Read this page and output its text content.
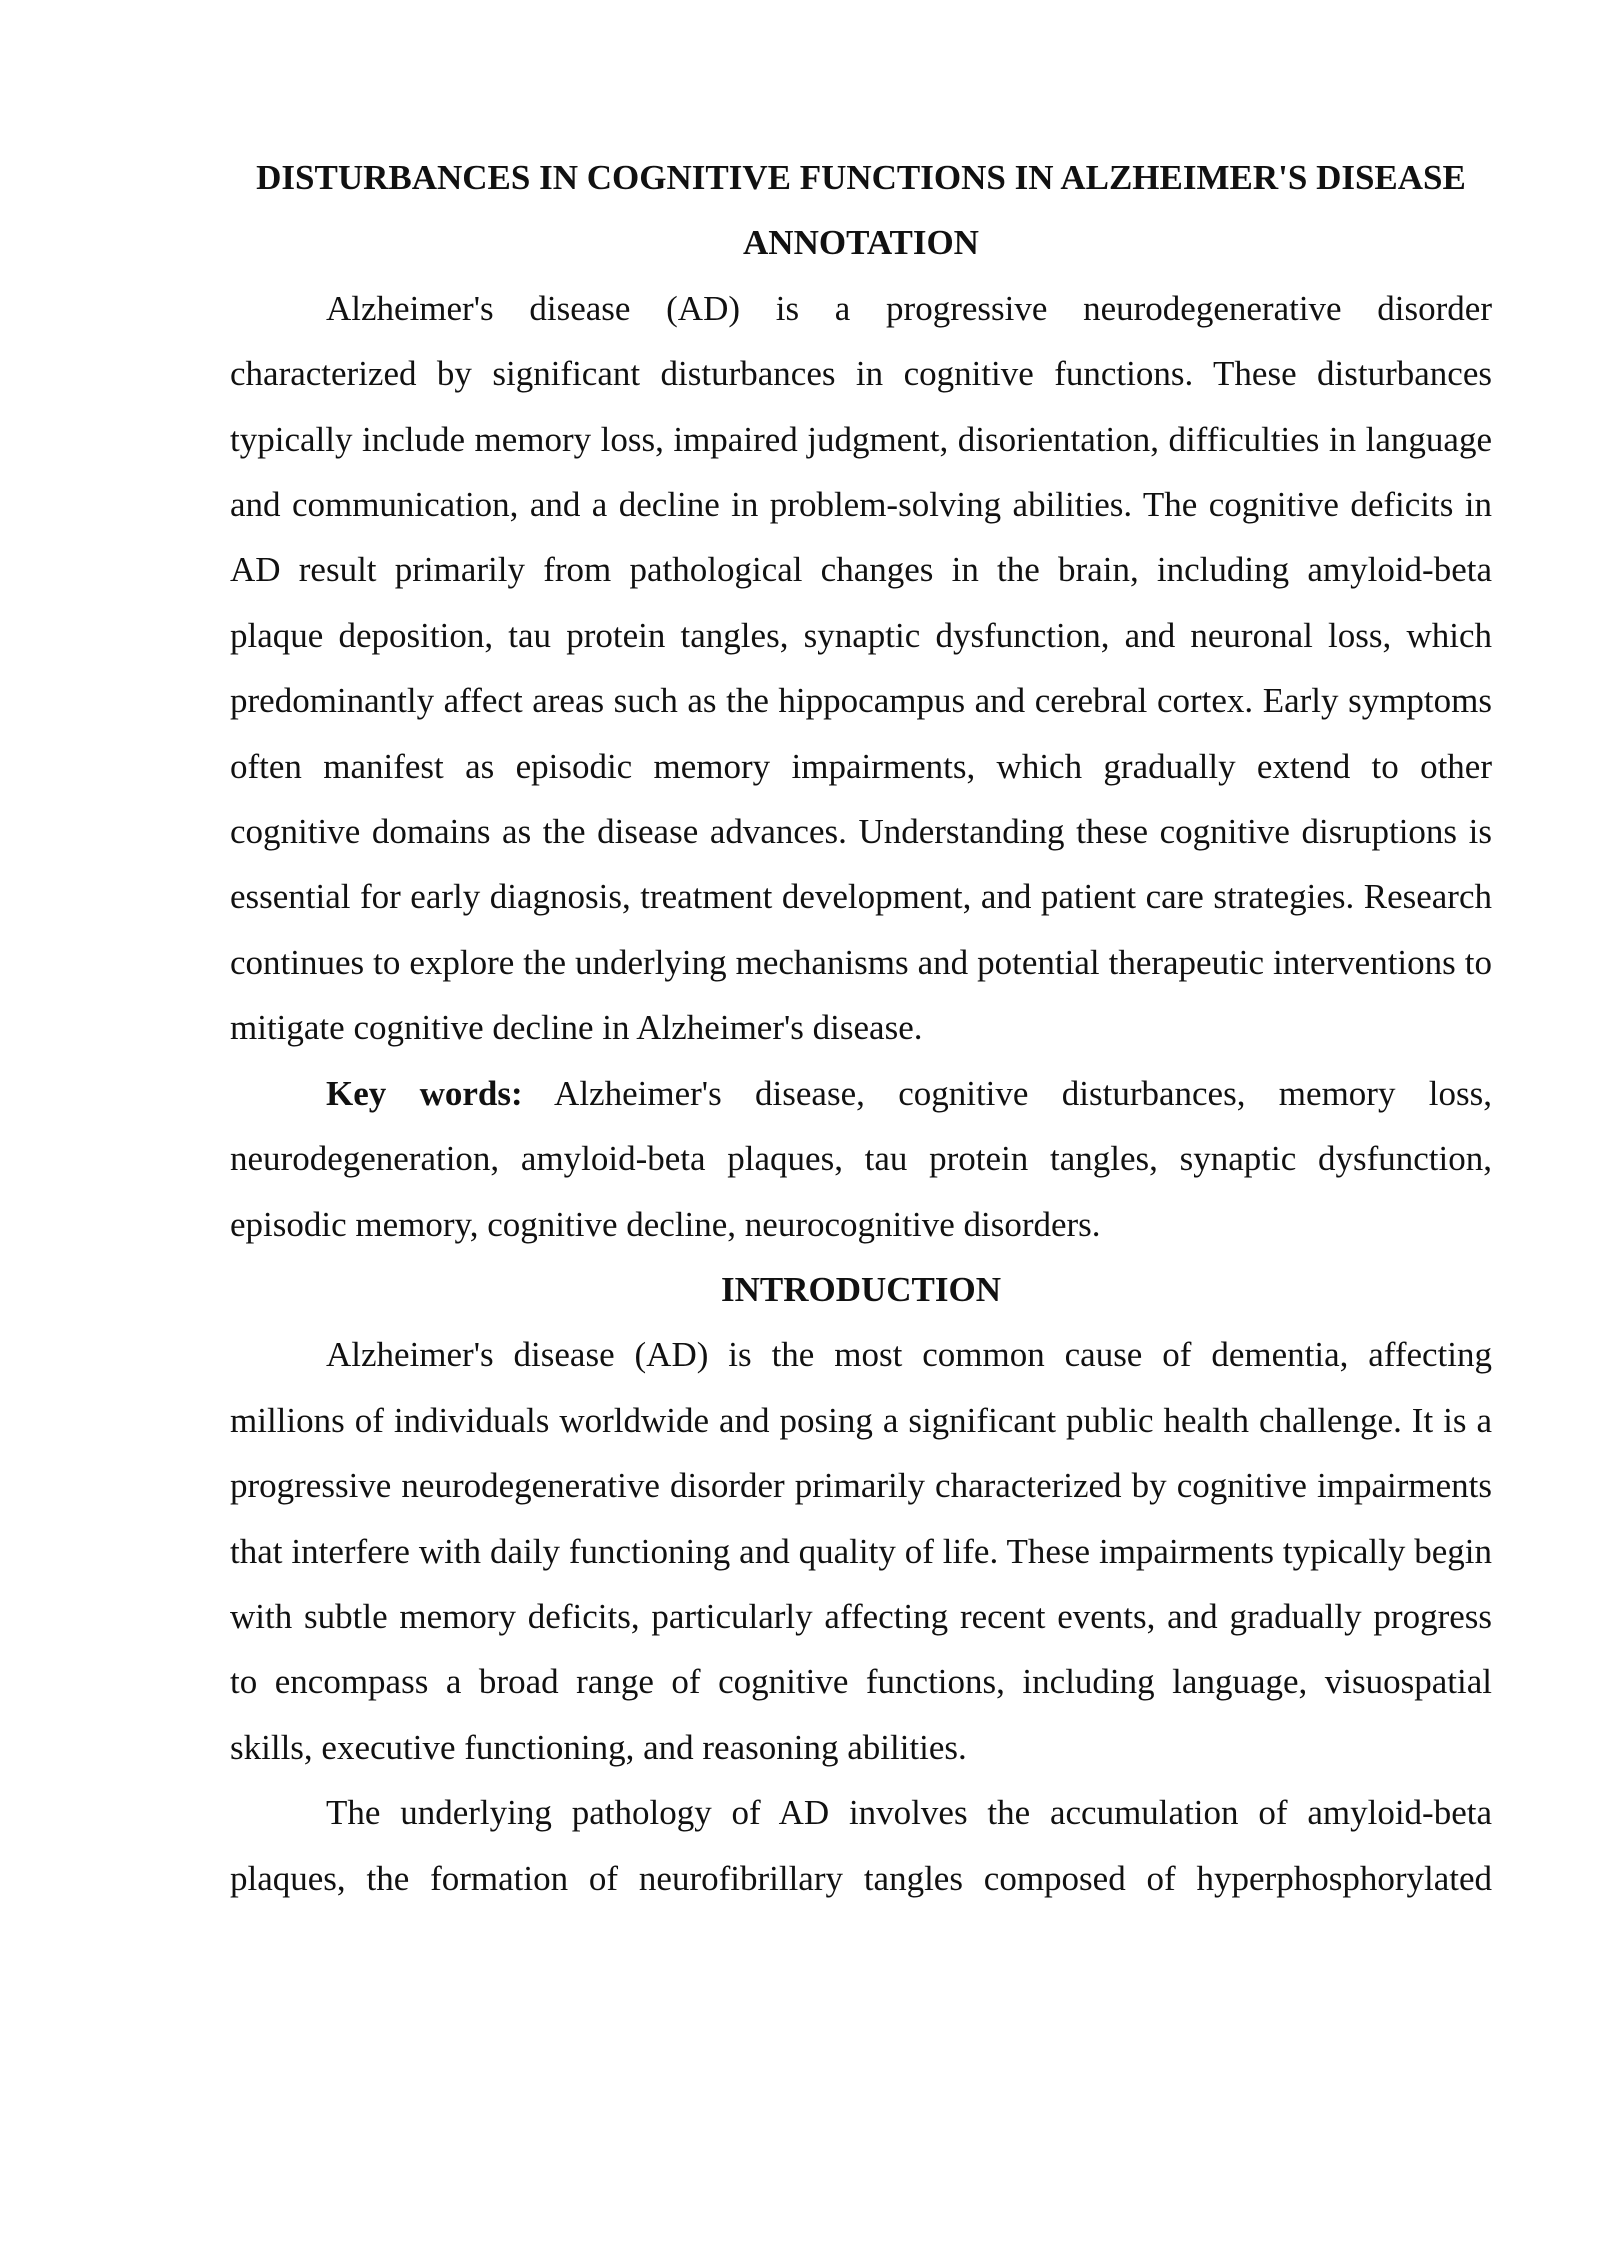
DISTURBANCES IN COGNITIVE FUNCTIONS IN ALZHEIMER'S DISEASE
ANNOTATION

Alzheimer's disease (AD) is a progressive neurodegenerative disorder characterized by significant disturbances in cognitive functions. These disturbances typically include memory loss, impaired judgment, disorientation, difficulties in language and communication, and a decline in problem-solving abilities. The cognitive deficits in AD result primarily from pathological changes in the brain, including amyloid-beta plaque deposition, tau protein tangles, synaptic dysfunction, and neuronal loss, which predominantly affect areas such as the hippocampus and cerebral cortex. Early symptoms often manifest as episodic memory impairments, which gradually extend to other cognitive domains as the disease advances. Understanding these cognitive disruptions is essential for early diagnosis, treatment development, and patient care strategies. Research continues to explore the underlying mechanisms and potential therapeutic interventions to mitigate cognitive decline in Alzheimer's disease.

Key words: Alzheimer's disease, cognitive disturbances, memory loss, neurodegeneration, amyloid-beta plaques, tau protein tangles, synaptic dysfunction, episodic memory, cognitive decline, neurocognitive disorders.

INTRODUCTION

Alzheimer's disease (AD) is the most common cause of dementia, affecting millions of individuals worldwide and posing a significant public health challenge. It is a progressive neurodegenerative disorder primarily characterized by cognitive impairments that interfere with daily functioning and quality of life. These impairments typically begin with subtle memory deficits, particularly affecting recent events, and gradually progress to encompass a broad range of cognitive functions, including language, visuospatial skills, executive functioning, and reasoning abilities.

The underlying pathology of AD involves the accumulation of amyloid-beta plaques, the formation of neurofibrillary tangles composed of hyperphosphorylated
